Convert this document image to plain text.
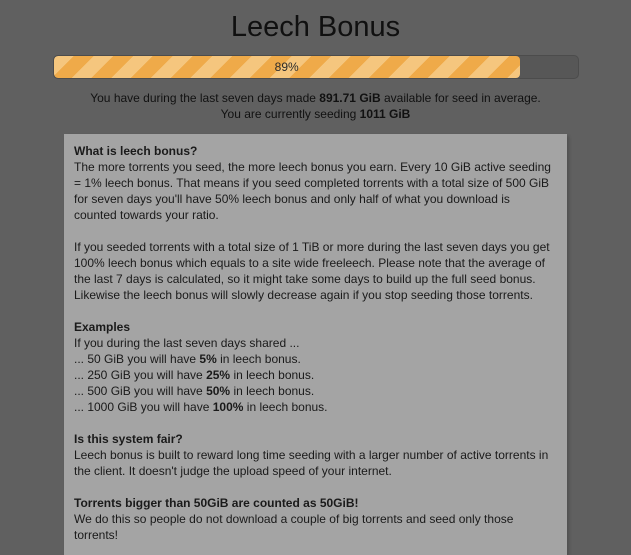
Leech Bonus
89%
You have during the last seven days made 891.71 GiB available for seed in average.
You are currently seeding 1011 GiB
What is leech bonus?

The more torrents you seed, the more leech bonus you earn. Every 10 GiB active seeding = 1% leech bonus. That means if you seed completed torrents with a total size of 500 GiB for seven days you'll have 50% leech bonus and only half of what you download is counted towards your ratio.

If you seeded torrents with a total size of 1 TiB or more during the last seven days you get 100% leech bonus which equals to a site wide freeleech. Please note that the average of the last 7 days is calculated, so it might take some days to build up the full seed bonus. Likewise the leech bonus will slowly decrease again if you stop seeding those torrents.

Examples
If you during the last seven days shared ...
... 50 GiB you will have 5% in leech bonus.
... 250 GiB you will have 25% in leech bonus.
... 500 GiB you will have 50% in leech bonus.
... 1000 GiB you will have 100% in leech bonus.
Is this system fair?

Leech bonus is built to reward long time seeding with a larger number of active torrents in the client. It doesn't judge the upload speed of your internet.

Torrents bigger than 50GiB are counted as 50GiB!

We do this so people do not download a couple of big torrents and seed only those torrents!
